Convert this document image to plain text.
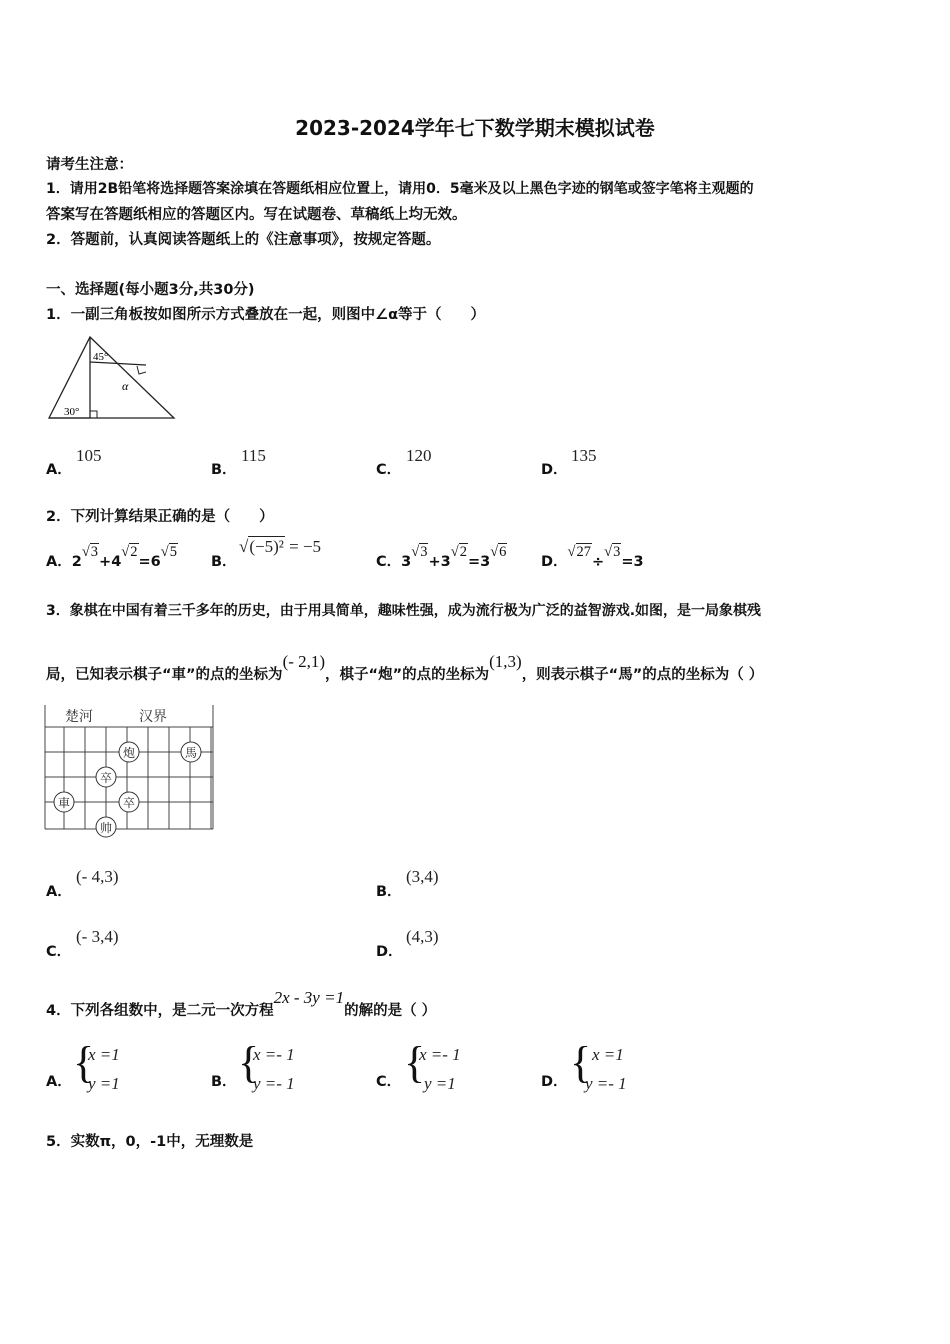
2023-2024学年七下数学期末模拟试卷
请考生注意：
1．请用2B铅笔将选择题答案涂填在答题纸相应位置上，请用0．5毫米及以上黑色字迹的钢笔或签字笔将主观题的
答案写在答题纸相应的答题区内。写在试题卷、草稿纸上均无效。
2．答题前，认真阅读答题纸上的《注意事项》，按规定答题。
一、选择题(每小题3分,共30分)
1．一副三角板按如图所示方式叠放在一起，则图中∠α等于（　　）
45°
30°
α
A．
105
B．
115
C．
120
D．
135
2．下列计算结果正确的是（　　）
A．2√3+4√2=6√5
B．
√(−5)² = −5
C．3√3+3√2=3√6
D．√27÷√3=3
3．象棋在中国有着三千多年的历史，由于用具简单，趣味性强，成为流行极为广泛的益智游戏.如图，是一局象棋残
局，已知表示棋子“車”的点的坐标为(- 2,1)，棋子“炮”的点的坐标为(1,3)，则表示棋子“馬”的点的坐标为（ ）
楚河	汉界
炮	馬
卒
車	卒
帅
A．
(- 4,3)
B．
(3,4)
C．
(- 3,4)
D．
(4,3)
4．下列各组数中，是二元一次方程2x - 3y =1的解的是（ ）
A． {
x =1
y =1	B． {
x =- 1
y =- 1	C． {
x =- 1
y =1	D． { x =1
y =- 1
5．实数π，0，-1中，无理数是
